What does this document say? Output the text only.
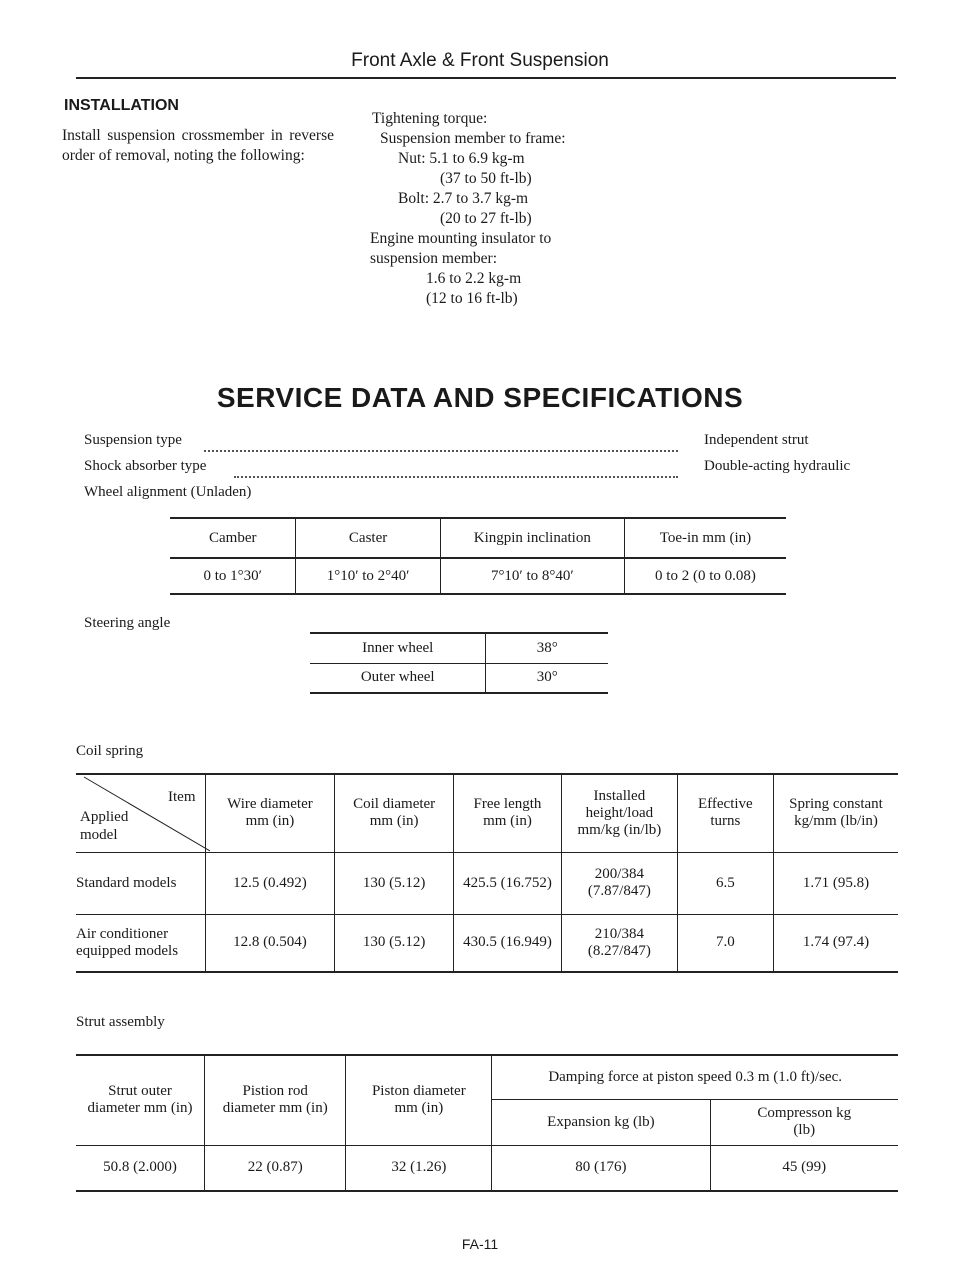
Front Axle & Front Suspension
INSTALLATION
Install suspension crossmember in reverse order of removal, noting the following:
Tightening torque:
Suspension member to frame:
Nut: 5.1 to 6.9 kg-m
(37 to 50 ft-lb)
Bolt: 2.7 to 3.7 kg-m
(20 to 27 ft-lb)
Engine mounting insulator to
suspension member:
1.6 to 2.2 kg-m
(12 to 16 ft-lb)
SERVICE DATA AND SPECIFICATIONS
Suspension type	Independent strut
Shock absorber type	Double-acting hydraulic
Wheel alignment (Unladen)
Camber	Caster	Kingpin inclination	Toe-in mm (in)
0 to 1°30′	1°10′ to 2°40′	7°10′ to 8°40′	0 to 2 (0 to 0.08)
Steering angle
Inner wheel	38°
Outer wheel	30°
Coil spring
Item
Applied
model	Wire diameter mm (in)	Coil diameter mm (in)	Free length mm (in)	Installed height/load mm/kg (in/lb)	Effective turns	Spring constant kg/mm (lb/in)
Standard models	12.5 (0.492)	130 (5.12)	425.5 (16.752)	200/384 (7.87/847)	6.5	1.71 (95.8)
Air conditioner equipped models	12.8 (0.504)	130 (5.12)	430.5 (16.949)	210/384 (8.27/847)	7.0	1.74 (97.4)
Strut assembly
Strut outer diameter mm (in)	Pistion rod diameter mm (in)	Piston diameter mm (in)	Damping force at piston speed 0.3 m (1.0 ft)/sec.	
			Expansion kg (lb)	Compresson kg (lb)
50.8 (2.000)	22 (0.87)	32 (1.26)	80 (176)	45 (99)
FA-11
